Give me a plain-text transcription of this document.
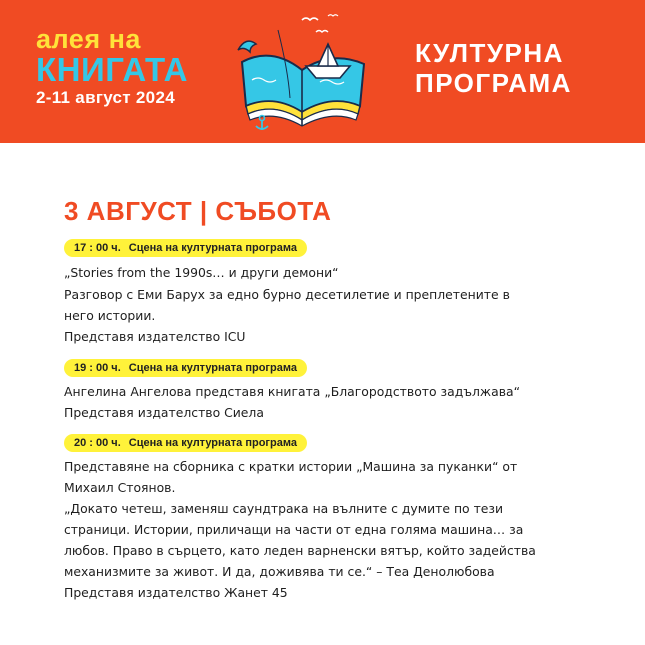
алея на
КНИГАТА
2-11 август 2024
КУЛТУРНА
ПРОГРАМА
3 АВГУСТ | СЪБОТА
17 : 00 ч. Сцена на културната програма
„Stories from the 1990s… и други демони“
Разговор с Еми Барух за едно бурно десетилетие и преплетените в
него истории.
Представя издателство ICU
19 : 00 ч. Сцена на културната програма
Ангелина Ангелова представя книгата „Благородството задължава“
Представя издателство Сиела
20 : 00 ч. Сцена на културната програма
Представяне на сборника с кратки истории „Машина за пуканки“ от
Михаил Стоянов.
„Докато четеш, заменяш саундтрака на вълните с думите по тези
страници. Истории, приличащи на части от една голяма машина… за
любов. Право в сърцето, като леден варненски вятър, който задейства
механизмите за живот. И да, доживява ти се.“ – Теа Денолюбова
Представя издателство Жанет 45
